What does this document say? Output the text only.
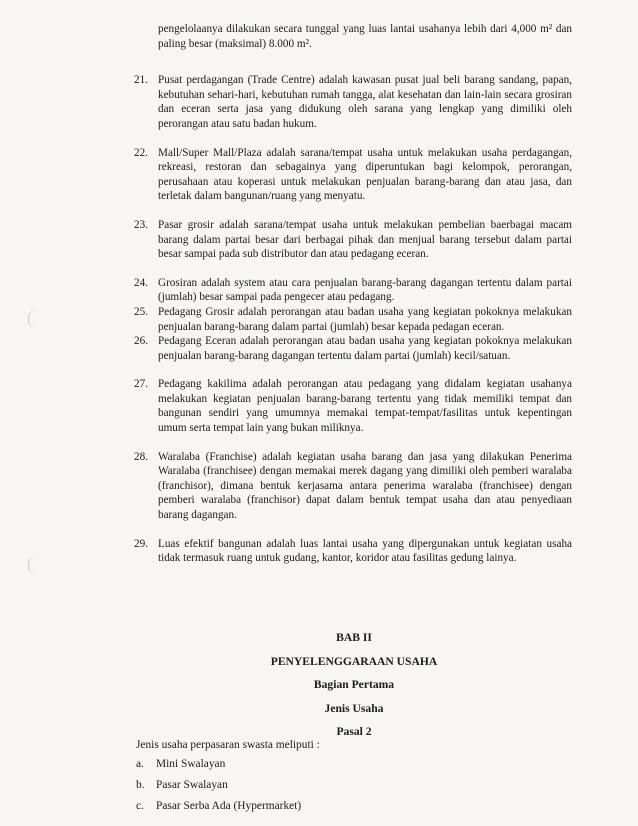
pengelolaanya dilakukan secara tunggal yang luas lantai usahanya lebih dari 4,000 m² dan paling besar (maksimal) 8.000 m².
21. Pusat perdagangan (Trade Centre) adalah kawasan pusat jual beli barang sandang, papan, kebutuhan sehari-hari, kebutuhan rumah tangga, alat kesehatan dan lain-lain secara grosiran dan eceran serta jasa yang didukung oleh sarana yang lengkap yang dimiliki oleh perorangan atau satu badan hukum.
22. Mall/Super Mall/Plaza adalah sarana/tempat usaha untuk melakukan usaha perdagangan, rekreasi, restoran dan sebagainya yang diperuntukan bagi kelompok, perorangan, perusahaan atau koperasi untuk melakukan penjualan barang-barang dan atau jasa, dan terletak dalam bangunan/ruang yang menyatu.
23. Pasar grosir adalah sarana/tempat usaha untuk melakukan pembelian baerbagai macam barang dalam partai besar dari berbagai pihak dan menjual barang tersebut dalam partai besar sampai pada sub distributor dan atau pedagang eceran.
24. Grosiran adalah system atau cara penjualan barang-barang dagangan tertentu dalam partai (jumlah) besar sampai pada pengecer atau pedagang.
25. Pedagang Grosir adalah perorangan atau badan usaha yang kegiatan pokoknya melakukan penjualan barang-barang dalam partai (jumlah) besar kepada pedagan eceran.
26. Pedagang Eceran adalah perorangan atau badan usaha yang kegiatan pokoknya melakukan penjualan barang-barang dagangan tertentu dalam partai (jumlah) kecil/satuan.
27. Pedagang kakilima adalah perorangan atau pedagang yang didalam kegiatan usahanya melakukan kegiatan penjualan barang-barang tertentu yang tidak memiliki tempat dan bangunan sendiri yang umumnya memakai tempat-tempat/fasilitas untuk kepentingan umum serta tempat lain yang bukan miliknya.
28. Waralaba (Franchise) adalah kegiatan usaha barang dan jasa yang dilakukan Penerima Waralaba (franchisee) dengan memakai merek dagang yang dimiliki oleh pemberi waralaba (franchisor), dimana bentuk kerjasama antara penerima waralaba (franchisee) dengan pemberi waralaba (franchisor) dapat dalam bentuk tempat usaha dan atau penyediaan barang dagangan.
29. Luas efektif bangunan adalah luas lantai usaha yang dipergunakan untuk kegiatan usaha tidak termasuk ruang untuk gudang, kantor, koridor atau fasilitas gedung lainya.
BAB II
PENYELENGGARAAN USAHA
Bagian Pertama
Jenis Usaha
Pasal 2

Jenis usaha perpasaran swasta meliputi :

a. Mini Swalayan
b. Pasar Swalayan
c. Pasar Serba Ada (Hypermarket)
